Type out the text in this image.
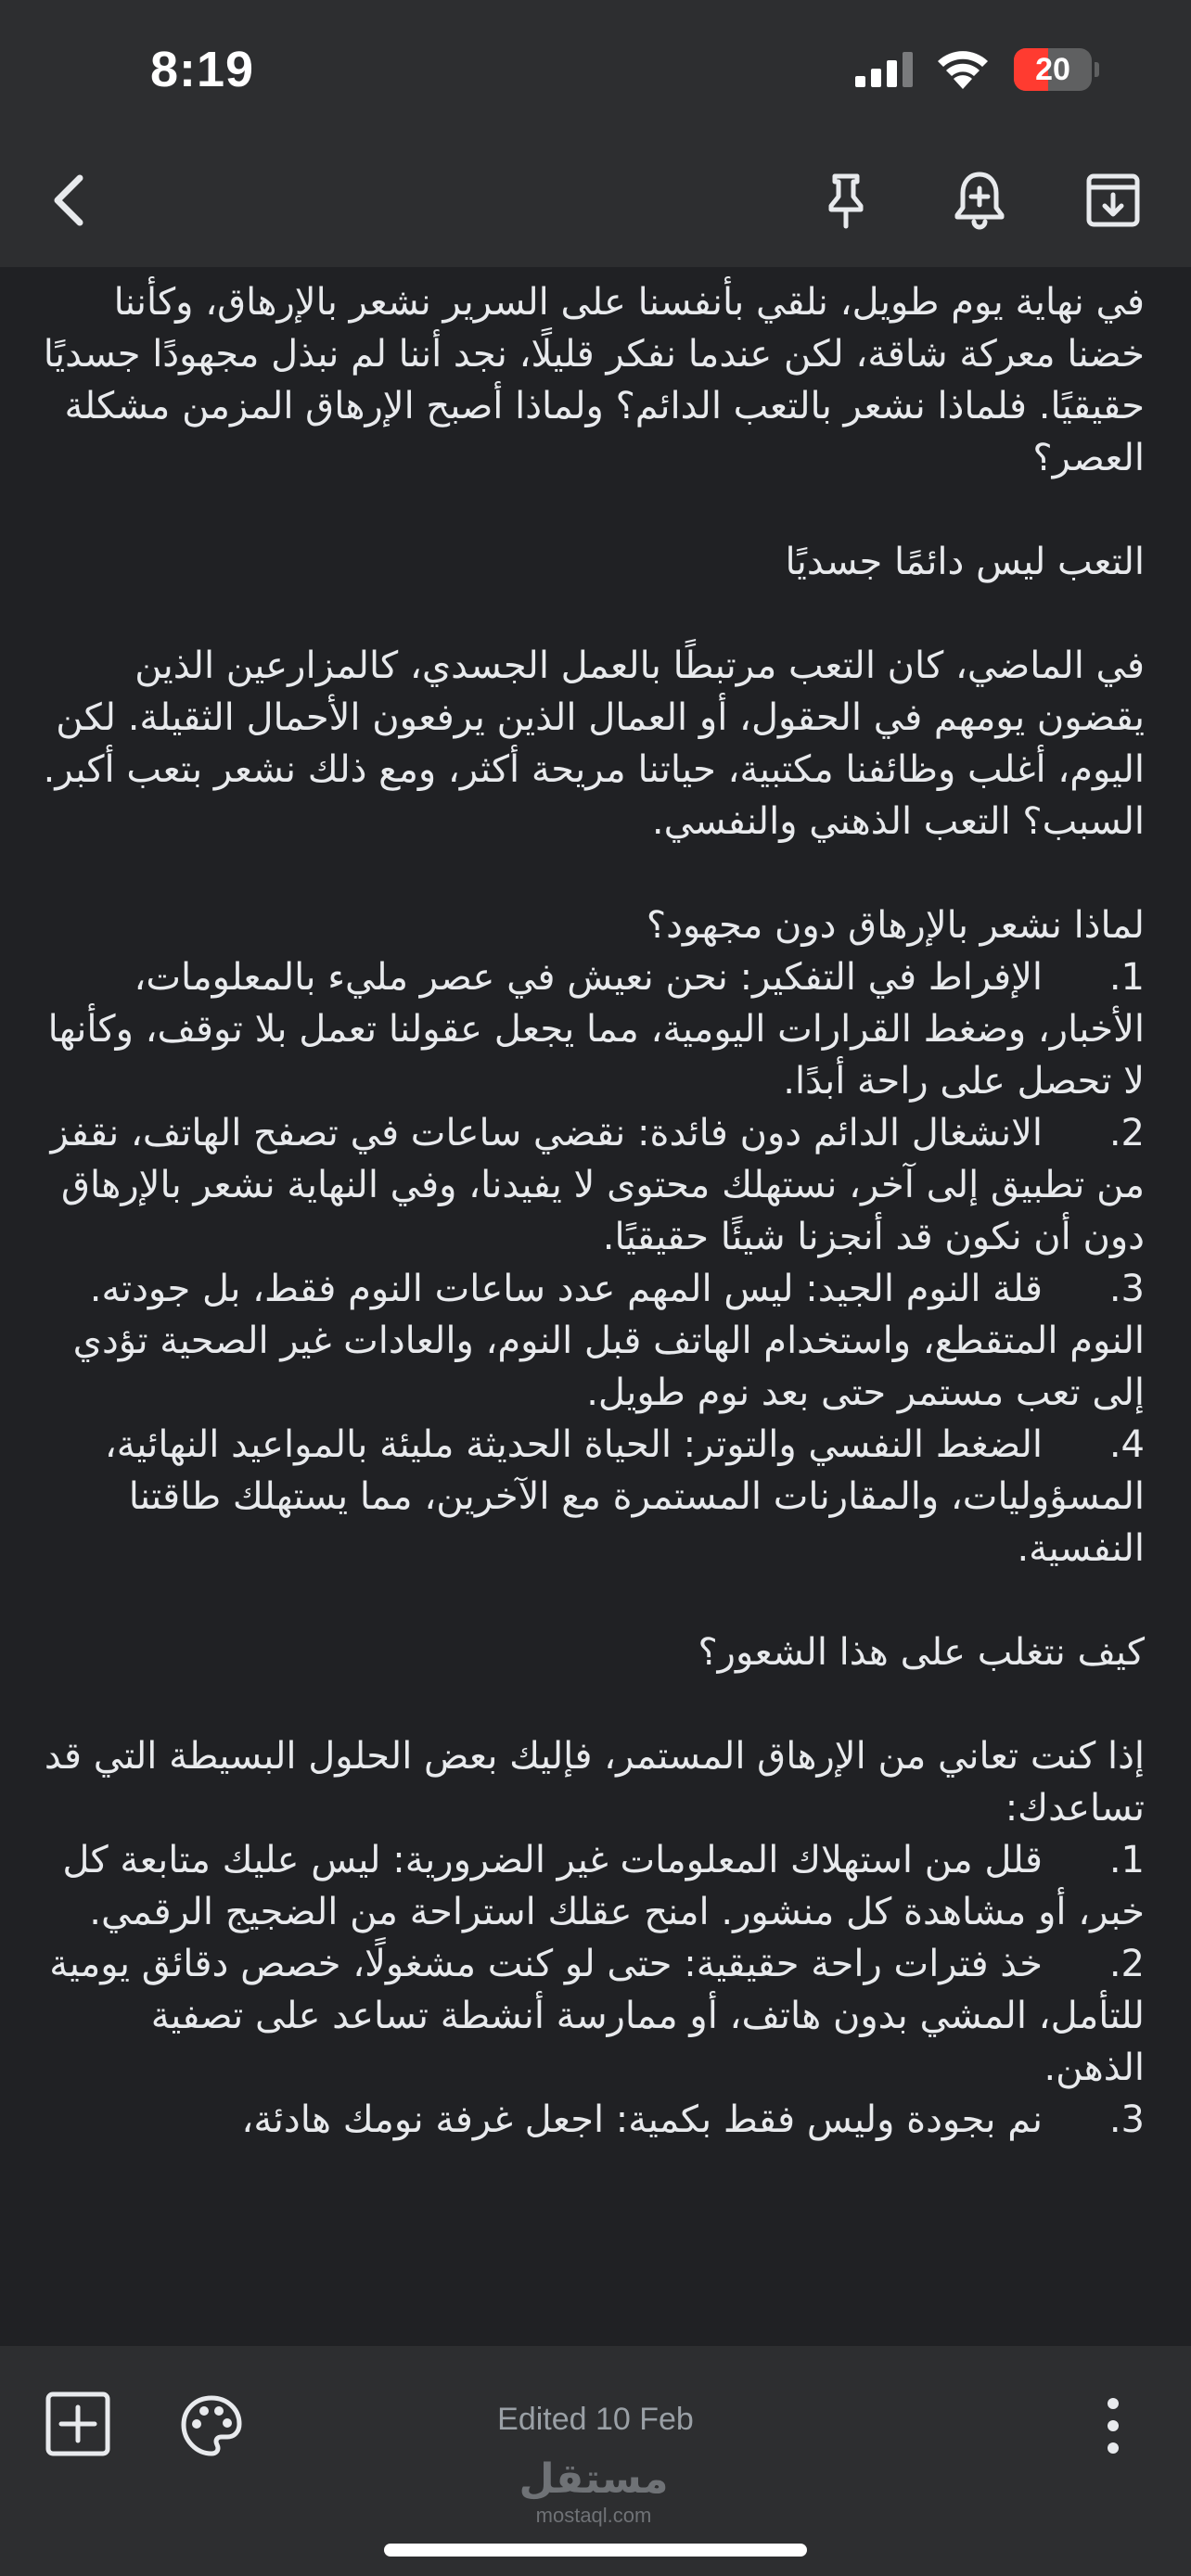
8:19	20

في نهاية يوم طويل، نلقي بأنفسنا على السرير نشعر بالإرهاق، وكأننا خضنا معركة شاقة، لكن عندما نفكر قليلًا، نجد أننا لم نبذل مجهودًا جسديًا حقيقيًا. فلماذا نشعر بالتعب الدائم؟ ولماذا أصبح الإرهاق المزمن مشكلة العصر؟

التعب ليس دائمًا جسديًا

في الماضي، كان التعب مرتبطًا بالعمل الجسدي، كالمزارعين الذين يقضون يومهم في الحقول، أو العمال الذين يرفعون الأحمال الثقيلة. لكن اليوم، أغلب وظائفنا مكتبية، حياتنا مريحة أكثر، ومع ذلك نشعر بتعب أكبر. السبب؟ التعب الذهني والنفسي.

لماذا نشعر بالإرهاق دون مجهود؟

1.الإفراط في التفكير: نحن نعيش في عصر مليء بالمعلومات، الأخبار، وضغط القرارات اليومية، مما يجعل عقولنا تعمل بلا توقف، وكأنها لا تحصل على راحة أبدًا.

2.الانشغال الدائم دون فائدة: نقضي ساعات في تصفح الهاتف، نقفز من تطبيق إلى آخر، نستهلك محتوى لا يفيدنا، وفي النهاية نشعر بالإرهاق دون أن نكون قد أنجزنا شيئًا حقيقيًا.

3.قلة النوم الجيد: ليس المهم عدد ساعات النوم فقط، بل جودته. النوم المتقطع، واستخدام الهاتف قبل النوم، والعادات غير الصحية تؤدي إلى تعب مستمر حتى بعد نوم طويل.

4.الضغط النفسي والتوتر: الحياة الحديثة مليئة بالمواعيد النهائية، المسؤوليات، والمقارنات المستمرة مع الآخرين، مما يستهلك طاقتنا النفسية.

كيف نتغلب على هذا الشعور؟

إذا كنت تعاني من الإرهاق المستمر، فإليك بعض الحلول البسيطة التي قد تساعدك:

1.قلل من استهلاك المعلومات غير الضرورية: ليس عليك متابعة كل خبر، أو مشاهدة كل منشور. امنح عقلك استراحة من الضجيج الرقمي.

2.خذ فترات راحة حقيقية: حتى لو كنت مشغولًا، خصص دقائق يومية للتأمل، المشي بدون هاتف، أو ممارسة أنشطة تساعد على تصفية الذهن.

3.نم بجودة وليس فقط بكمية: اجعل غرفة نومك هادئة،

Edited 10 Feb
مستقل
mostaql.com
